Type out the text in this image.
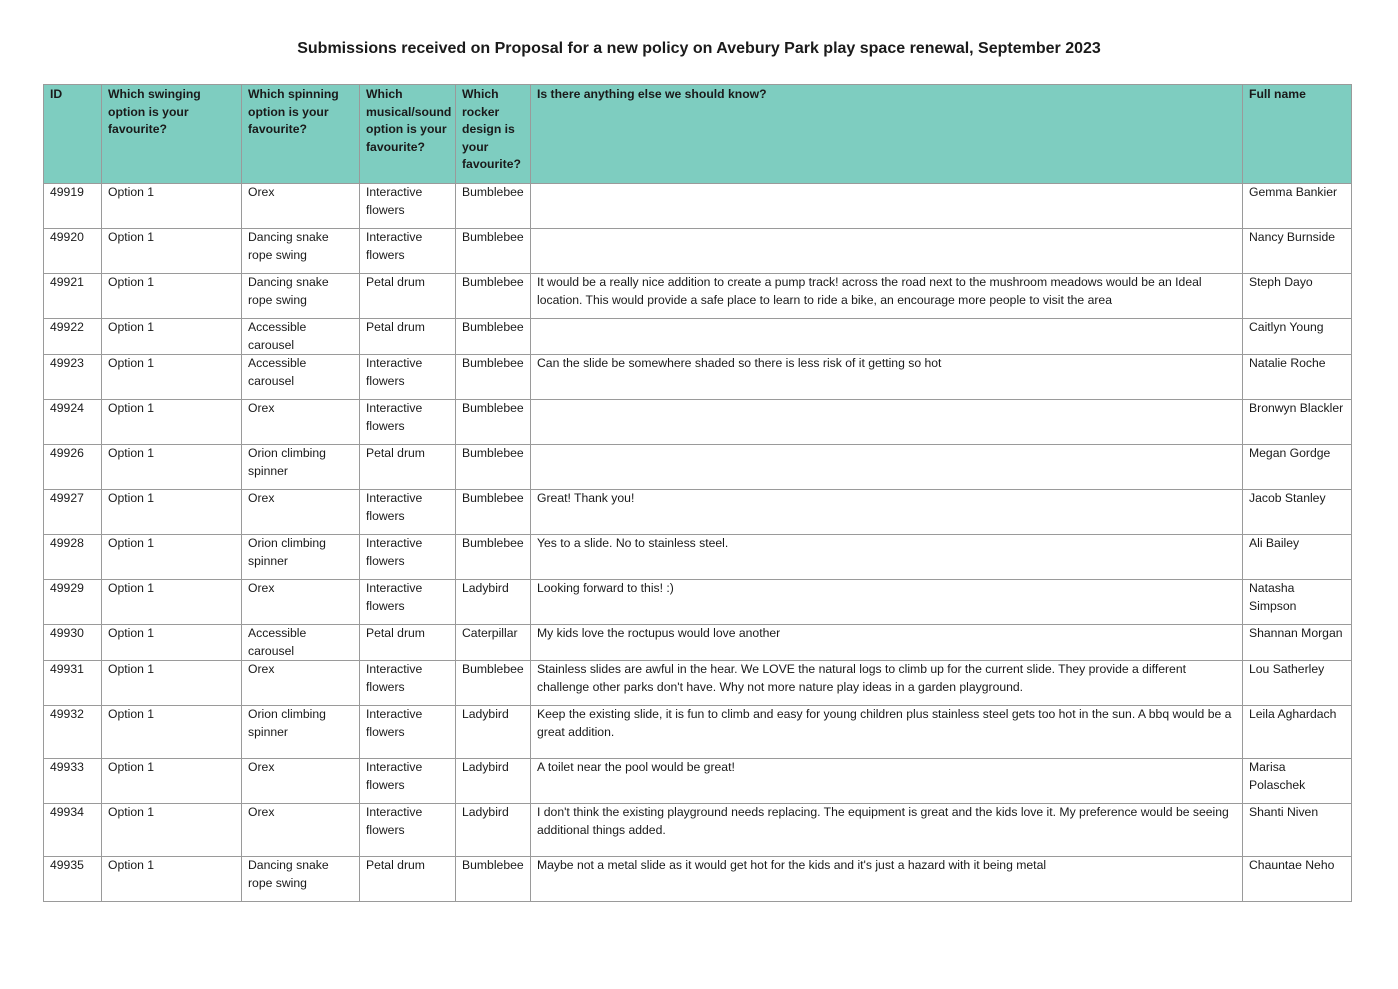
Submissions received on Proposal for a new policy on Avebury Park play space renewal, September 2023
ID	Which swinging option is your favourite?	Which spinning option is your favourite?	Which musical/sound option is your favourite?	Which rocker design is your favourite?	Is there anything else we should know?	Full name
49919	Option 1	Orex	Interactive flowers	Bumblebee		Gemma Bankier
49920	Option 1	Dancing snake rope swing	Interactive flowers	Bumblebee		Nancy Burnside
49921	Option 1	Dancing snake rope swing	Petal drum	Bumblebee	It would be a really nice addition to create a pump track! across the road next to the mushroom meadows would be an Ideal location. This would provide a safe place to learn to ride a bike, an encourage more people to visit the area	Steph Dayo
49922	Option 1	Accessible carousel	Petal drum	Bumblebee		Caitlyn Young
49923	Option 1	Accessible carousel	Interactive flowers	Bumblebee	Can the slide be somewhere shaded so there is less risk of it getting so hot	Natalie Roche
49924	Option 1	Orex	Interactive flowers	Bumblebee		Bronwyn Blackler
49926	Option 1	Orion climbing spinner	Petal drum	Bumblebee		Megan Gordge
49927	Option 1	Orex	Interactive flowers	Bumblebee	Great! Thank you!	Jacob Stanley
49928	Option 1	Orion climbing spinner	Interactive flowers	Bumblebee	Yes to a slide. No to stainless steel.	Ali Bailey
49929	Option 1	Orex	Interactive flowers	Ladybird	Looking forward to this! :)	Natasha Simpson
49930	Option 1	Accessible carousel	Petal drum	Caterpillar	My kids love the roctupus would love another	Shannan Morgan
49931	Option 1	Orex	Interactive flowers	Bumblebee	Stainless slides are awful in the hear. We LOVE the natural logs to climb up for the current slide. They provide a different challenge other parks don't have. Why not more nature play ideas in a garden playground.	Lou Satherley
49932	Option 1	Orion climbing spinner	Interactive flowers	Ladybird	Keep the existing slide, it is fun to climb and easy for young children plus stainless steel gets too hot in the sun. A bbq would be a great addition.	Leila Aghardach
49933	Option 1	Orex	Interactive flowers	Ladybird	A toilet near the pool would be great!	Marisa Polaschek
49934	Option 1	Orex	Interactive flowers	Ladybird	I don't think the existing playground needs replacing. The equipment is great and the kids love it. My preference would be seeing additional things added.	Shanti Niven
49935	Option 1	Dancing snake rope swing	Petal drum	Bumblebee	Maybe not a metal slide as it would get hot for the kids and it's just a hazard with it being metal	Chauntae Neho
